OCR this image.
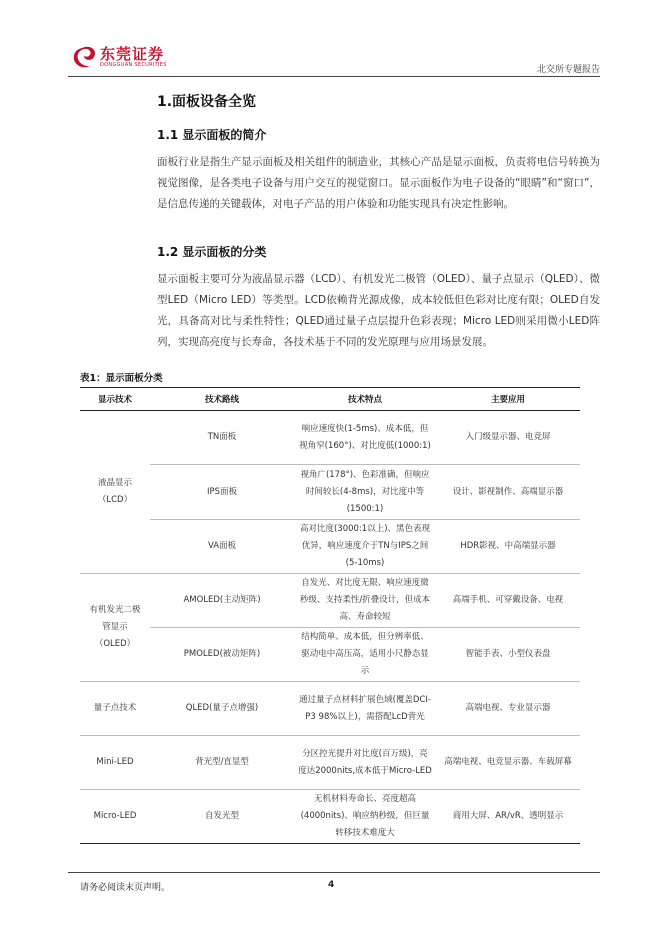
东莞证券
DONGGUAN SECURITIES	北交所专题报告
1.面板设备全览
1.1 显示面板的简介

面板行业是指生产显示面板及相关组件的制造业，其核心产品是显示面板，负责将电信号转换为视觉图像，是各类电子设备与用户交互的视觉窗口。显示面板作为电子设备的“眼睛”和“窗口”，是信息传递的关键载体，对电子产品的用户体验和功能实现具有决定性影响。

1.2 显示面板的分类

显示面板主要可分为液晶显示器（LCD）、有机发光二极管（OLED）、量子点显示（QLED）、微型LED（Micro LED）等类型。LCD依赖背光源成像，成本较低但色彩对比度有限；OLED自发光，具备高对比与柔性特性；QLED通过量子点层提升色彩表现；Micro LED则采用微小LED阵列，实现高亮度与长寿命，各技术基于不同的发光原理与应用场景发展。

表1：显示面板分类
显示技术	技术路线	技术特点	主要应用
液晶显示（LCD）	TN面板	响应速度快(1-5ms)、成本低，但视角窄(160°)、对比度低(1000:1)	入门级显示器、电竞屏
	IPS面板	视角广(178°)、色彩准确，但响应时间较长(4-8ms)，对比度中等(1500:1)	设计、影视制作、高端显示器
	VA面板	高对比度(3000:1以上)、黑色表现优异，响应速度介于TN与IPS之间(5-10ms)	HDR影视、中高端显示器
有机发光二极管显示（OLED）	AMOLED(主动矩阵)	自发光、对比度无限、响应速度微秒级、支持柔性/折叠设计，但成本高、寿命较短	高端手机、可穿戴设备、电视
	PMOLED(被动矩阵)	结构简单、成本低，但分辨率低、驱动电中高压高，适用小尺静态显示	智能手表、小型仪表盘
量子点技术	QLED(量子点增强)	通过量子点材料扩展色域(覆盖DCI-P3 98%以上)，需搭配LcD背光	高端电视、专业显示器
Mini-LED	背光型/直显型	分区控光提升对比度(百万级)，亮度达2000nits,成本低于Micro-LED	高端电视、电竞显示器、车载屏幕
Micro-LED	自发光型	无机材料寿命长、亮度超高(4000nits)、响应纳秒级，但巨量转移技术难度大	商用大屏、AR/vR、透明显示
请务必阅读末页声明。	4
